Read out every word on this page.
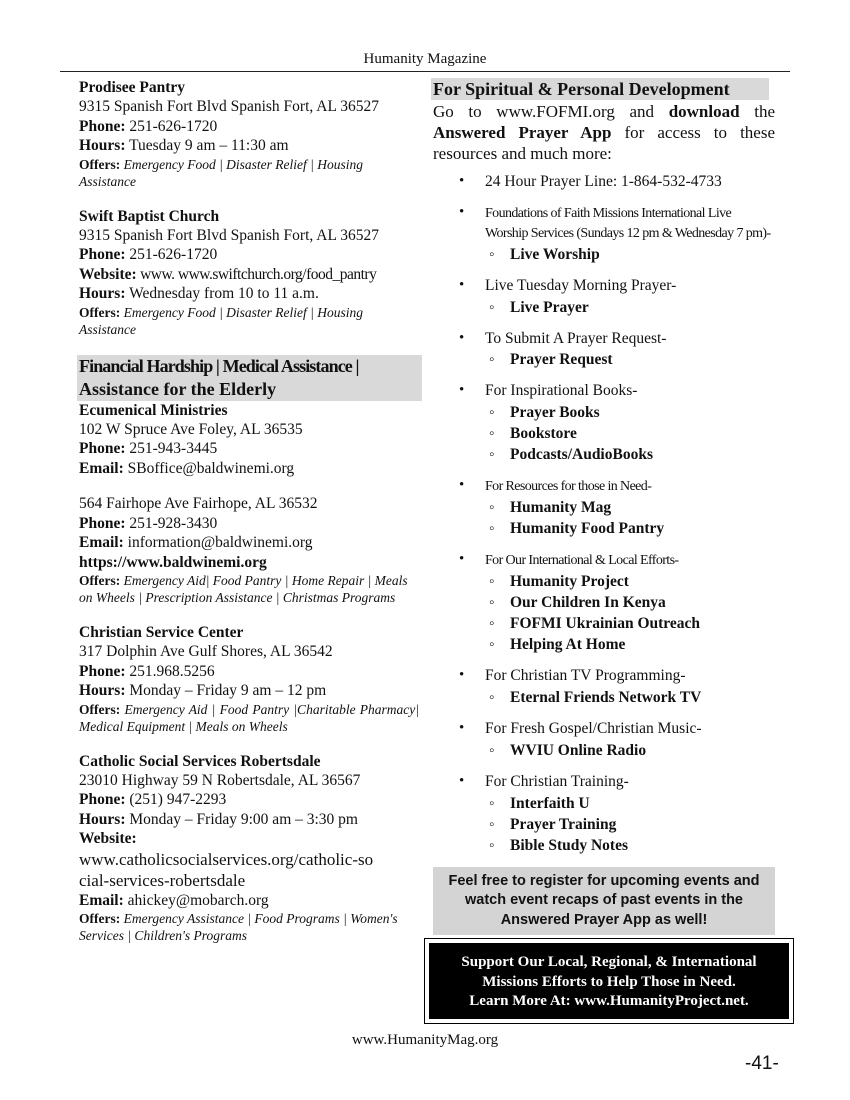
Humanity Magazine

Prodisee Pantry

9315 Spanish Fort Blvd Spanish Fort, AL 36527

Phone: 251-626-1720

Hours: Tuesday 9 am – 11:30 am

Offers: Emergency Food | Disaster Relief | Housing Assistance

Swift Baptist Church

9315 Spanish Fort Blvd Spanish Fort, AL 36527

Phone: 251-626-1720

Website: www. www.swiftchurch.org/food_pantry

Hours: Wednesday from 10 to 11 a.m.

Offers: Emergency Food | Disaster Relief | Housing Assistance

Financial Hardship | Medical Assistance |
Assistance for the Elderly

Ecumenical Ministries

102 W Spruce Ave Foley, AL 36535

Phone: 251-943-3445

Email: SBoffice@baldwinemi.org

564 Fairhope Ave Fairhope, AL 36532

Phone: 251-928-3430

Email: information@baldwinemi.org

https://www.baldwinemi.org

Offers: Emergency Aid| Food Pantry | Home Repair | Meals on Wheels | Prescription Assistance | Christmas Programs

Christian Service Center

317 Dolphin Ave Gulf Shores, AL 36542

Phone: 251.968.5256

Hours: Monday – Friday 9 am – 12 pm

Offers: Emergency Aid | Food Pantry |Charitable Pharmacy| Medical Equipment | Meals on Wheels

Catholic Social Services Robertsdale

23010 Highway 59 N Robertsdale, AL 36567

Phone: (251) 947-2293

Hours: Monday – Friday 9:00 am – 3:30 pm

Website:

www.catholicsocialservices.org/catholic-social-services-robertsdale

Email: ahickey@mobarch.org

Offers: Emergency Assistance | Food Programs | Women's Services | Children's Programs

For Spiritual & Personal Development

Go to www.FOFMI.org and download the Answered Prayer App for access to these resources and much more:

• 24 Hour Prayer Line: 1-864-532-4733
• Foundations of Faith Missions International Live Worship Services (Sundays 12 pm & Wednesday 7 pm)-
◦ Live Worship
• Live Tuesday Morning Prayer-
◦ Live Prayer
• To Submit A Prayer Request-
◦ Prayer Request
• For Inspirational Books-
◦ Prayer Books
◦ Bookstore
◦ Podcasts/AudioBooks
• For Resources for those in Need-
◦ Humanity Mag
◦ Humanity Food Pantry
• For Our International & Local Efforts-
◦ Humanity Project
◦ Our Children In Kenya
◦ FOFMI Ukrainian Outreach
◦ Helping At Home
• For Christian TV Programming-
◦ Eternal Friends Network TV
• For Fresh Gospel/Christian Music-
◦ WVIU Online Radio
• For Christian Training-
◦ Interfaith U
◦ Prayer Training
◦ Bible Study Notes
Feel free to register for upcoming events and watch event recaps of past events in the Answered Prayer App as well!
Support Our Local, Regional, & International
Missions Efforts to Help Those in Need.
Learn More At: www.HumanityProject.net.
www.HumanityMag.org
-41-
